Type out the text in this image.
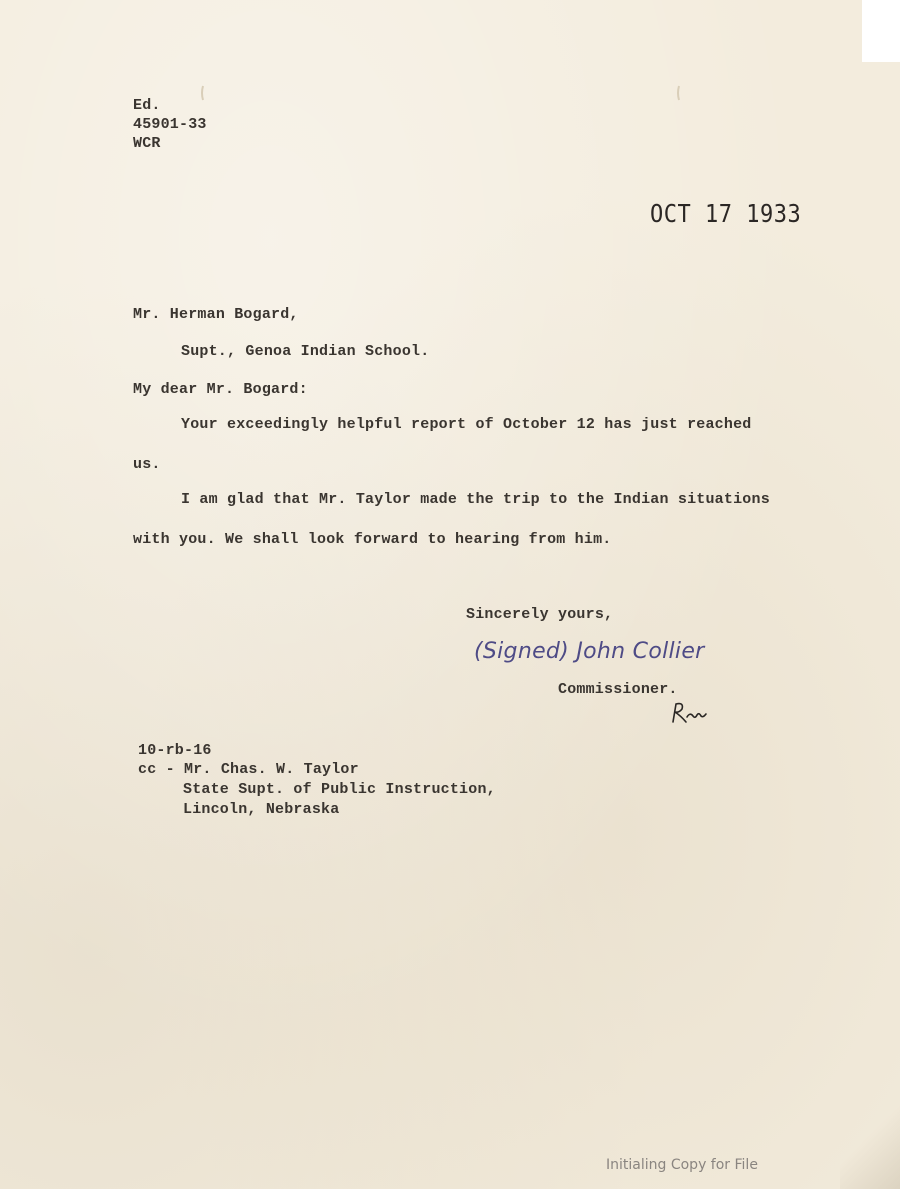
Ed.
45901-33
WCR
OCT 17 1933
Mr. Herman Bogard,
Supt., Genoa Indian School.
My dear Mr. Bogard:
Your exceedingly helpful report of October 12 has just reached
us.
I am glad that Mr. Taylor made the trip to the Indian situations
with you. We shall look forward to hearing from him.
Sincerely yours,
(Signed) John Collier
Commissioner.
10-rb-16
cc - Mr. Chas. W. Taylor
State Supt. of Public Instruction,
Lincoln, Nebraska
Initialing Copy for File
